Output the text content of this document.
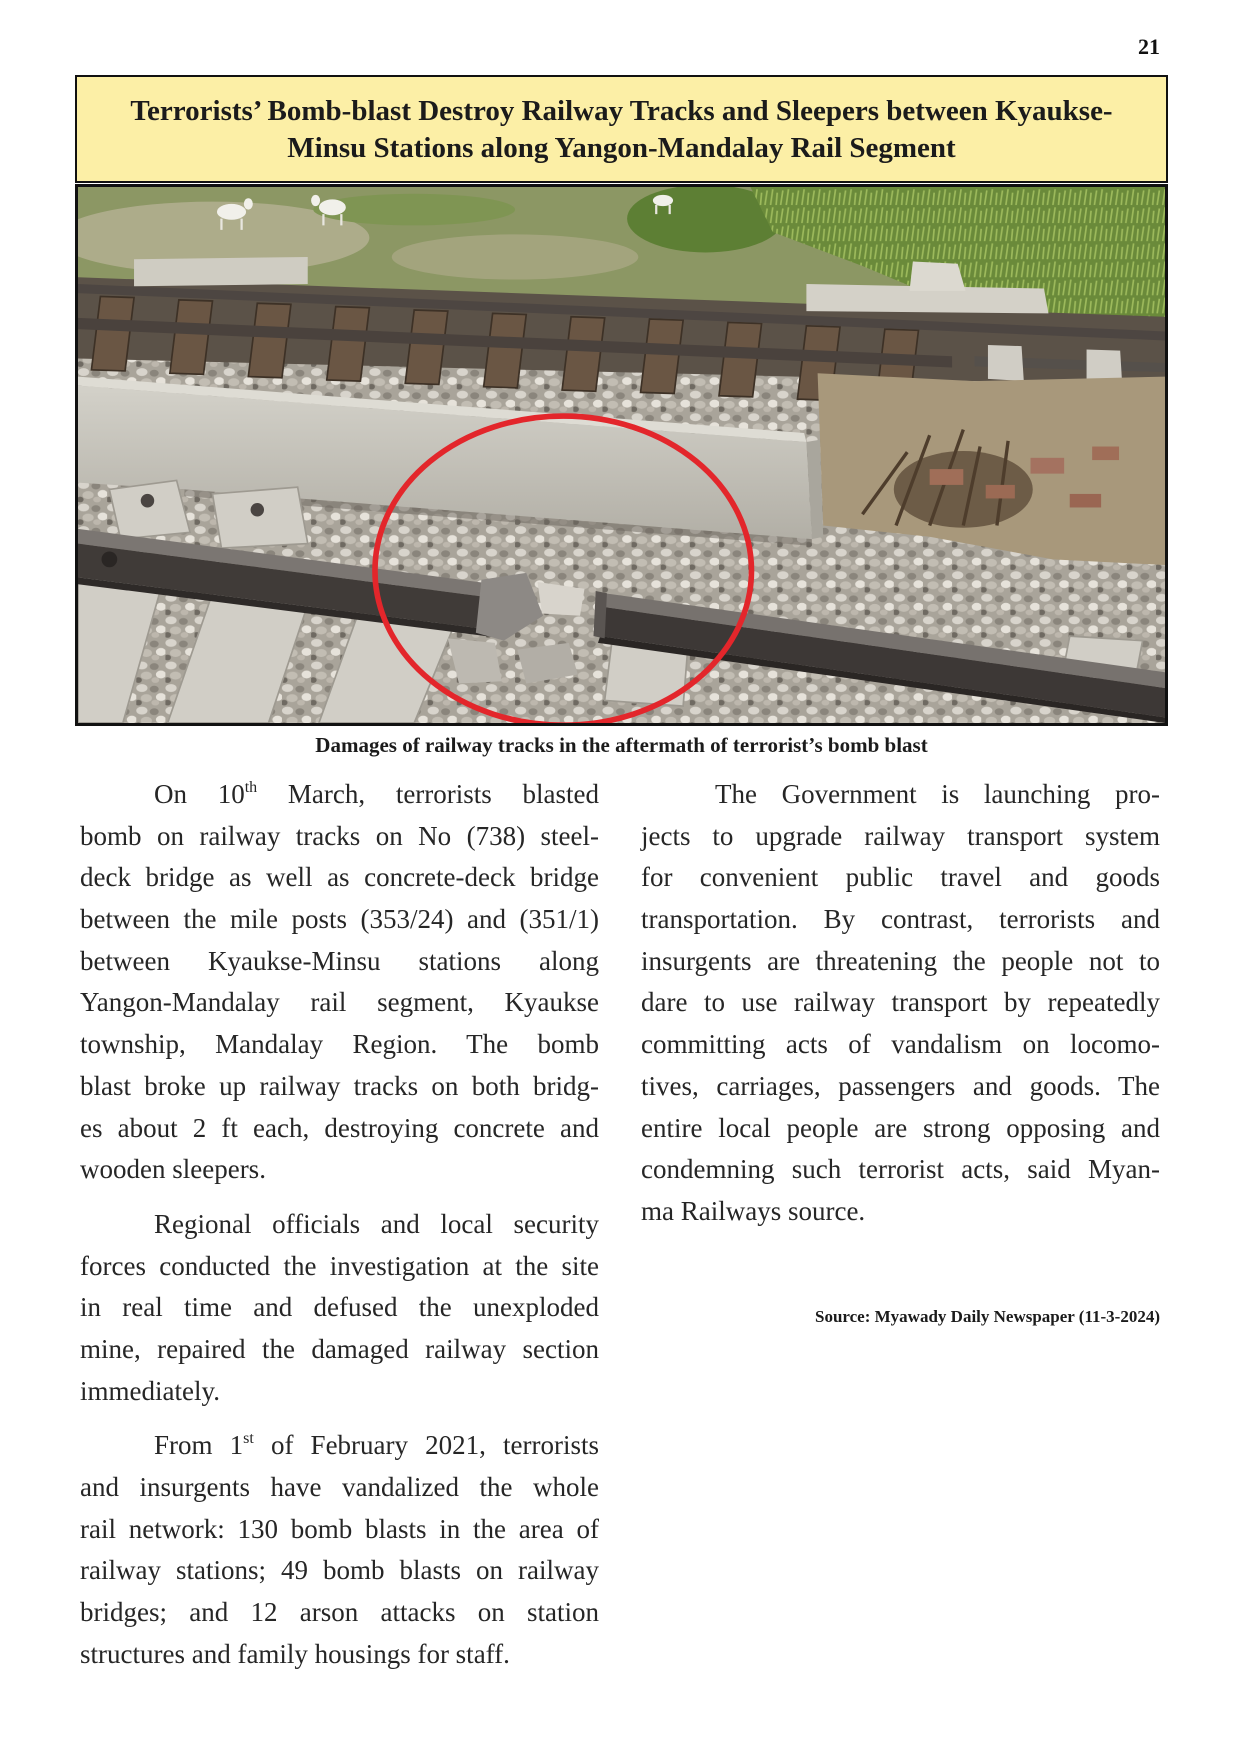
21
Terrorists’ Bomb-blast Destroy Railway Tracks and Sleepers between Kyaukse-
Minsu Stations along Yangon-Mandalay Rail Segment
Damages of railway tracks in the aftermath of terrorist’s bomb blast
On 10th March, terrorists blasted
bomb on railway tracks on No (738) steel-
deck bridge as well as concrete-deck bridge
between the mile posts (353/24) and (351/1)
between Kyaukse-Minsu stations along
Yangon-Mandalay rail segment, Kyaukse
township, Mandalay Region. The bomb
blast broke up railway tracks on both bridg-
es about 2 ft each, destroying concrete and
wooden sleepers.
Regional officials and local security
forces conducted the investigation at the site
in real time and defused the unexploded
mine, repaired the damaged railway section
immediately.
From 1st of February 2021, terrorists
and insurgents have vandalized the whole
rail network: 130 bomb blasts in the area of
railway stations; 49 bomb blasts on railway
bridges; and 12 arson attacks on station
structures and family housings for staff.
The Government is launching pro-
jects to upgrade railway transport system
for convenient public travel and goods
transportation. By contrast, terrorists and
insurgents are threatening the people not to
dare to use railway transport by repeatedly
committing acts of vandalism on locomo-
tives, carriages, passengers and goods. The
entire local people are strong opposing and
condemning such terrorist acts, said Myan-
ma Railways source.
Source: Myawady Daily Newspaper (11-3-2024)
